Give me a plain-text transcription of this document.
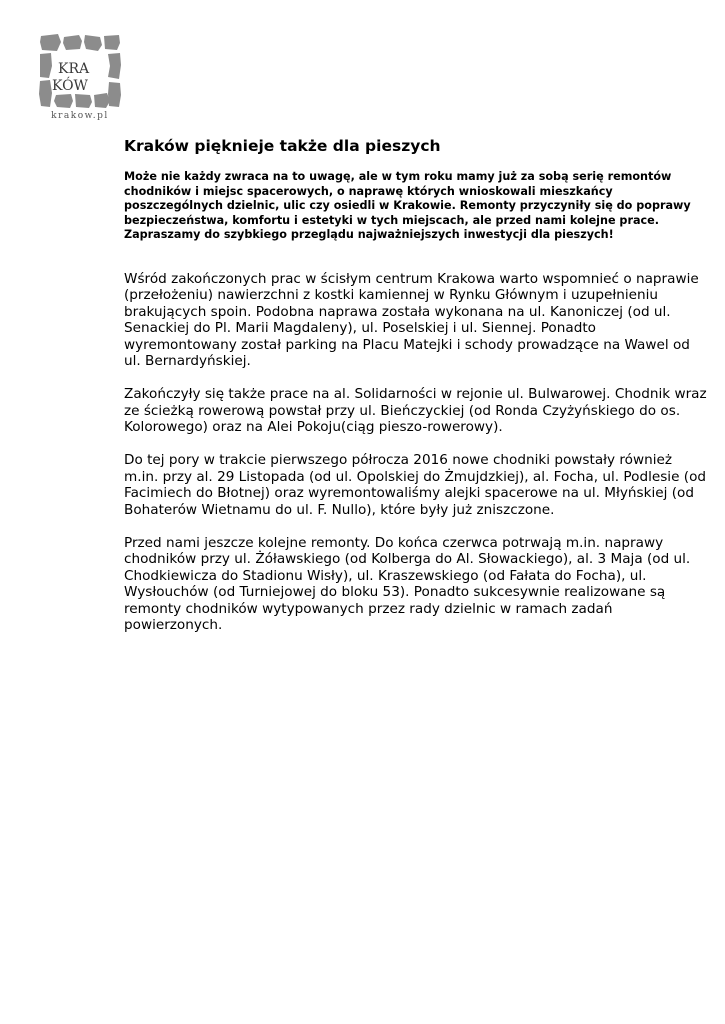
KRA
KÓW
krakow.pl
Kraków pięknieje także dla pieszych

Może nie każdy zwraca na to uwagę, ale w tym roku mamy już za sobą serię remontów chodników i miejsc spacerowych, o naprawę których wnioskowali mieszkańcy poszczególnych dzielnic, ulic czy osiedli w Krakowie. Remonty przyczyniły się do poprawy bezpieczeństwa, komfortu i estetyki w tych miejscach, ale przed nami kolejne prace. Zapraszamy do szybkiego przeglądu najważniejszych inwestycji dla pieszych!

Wśród zakończonych prac w ścisłym centrum Krakowa warto wspomnieć o naprawie (przełożeniu) nawierzchni z kostki kamiennej w Rynku Głównym i uzupełnieniu brakujących spoin. Podobna naprawa została wykonana na ul. Kanoniczej (od ul. Senackiej do Pl. Marii Magdaleny), ul. Poselskiej i ul. Siennej. Ponadto wyremontowany został parking na Placu Matejki i schody prowadzące na Wawel od ul. Bernardyńskiej.

Zakończyły się także prace na al. Solidarności w rejonie ul. Bulwarowej. Chodnik wraz ze ścieżką rowerową powstał przy ul. Bieńczyckiej (od Ronda Czyżyńskiego do os. Kolorowego) oraz na Alei Pokoju(ciąg pieszo-rowerowy).

Do tej pory w trakcie pierwszego półrocza 2016 nowe chodniki powstały również m.in. przy al. 29 Listopada (od ul. Opolskiej do Żmujdzkiej), al. Focha, ul. Podlesie (od Facimiech do Błotnej) oraz wyremontowaliśmy alejki spacerowe na ul. Młyńskiej (od Bohaterów Wietnamu do ul. F. Nullo), które były już zniszczone.

Przed nami jeszcze kolejne remonty. Do końca czerwca potrwają m.in. naprawy chodników przy ul. Żóławskiego (od Kolberga do Al. Słowackiego), al. 3 Maja (od ul. Chodkiewicza do Stadionu Wisły), ul. Kraszewskiego (od Fałata do Focha), ul. Wysłouchów (od Turniejowej do bloku 53). Ponadto sukcesywnie realizowane są remonty chodników wytypowanych przez rady dzielnic w ramach zadań powierzonych.
